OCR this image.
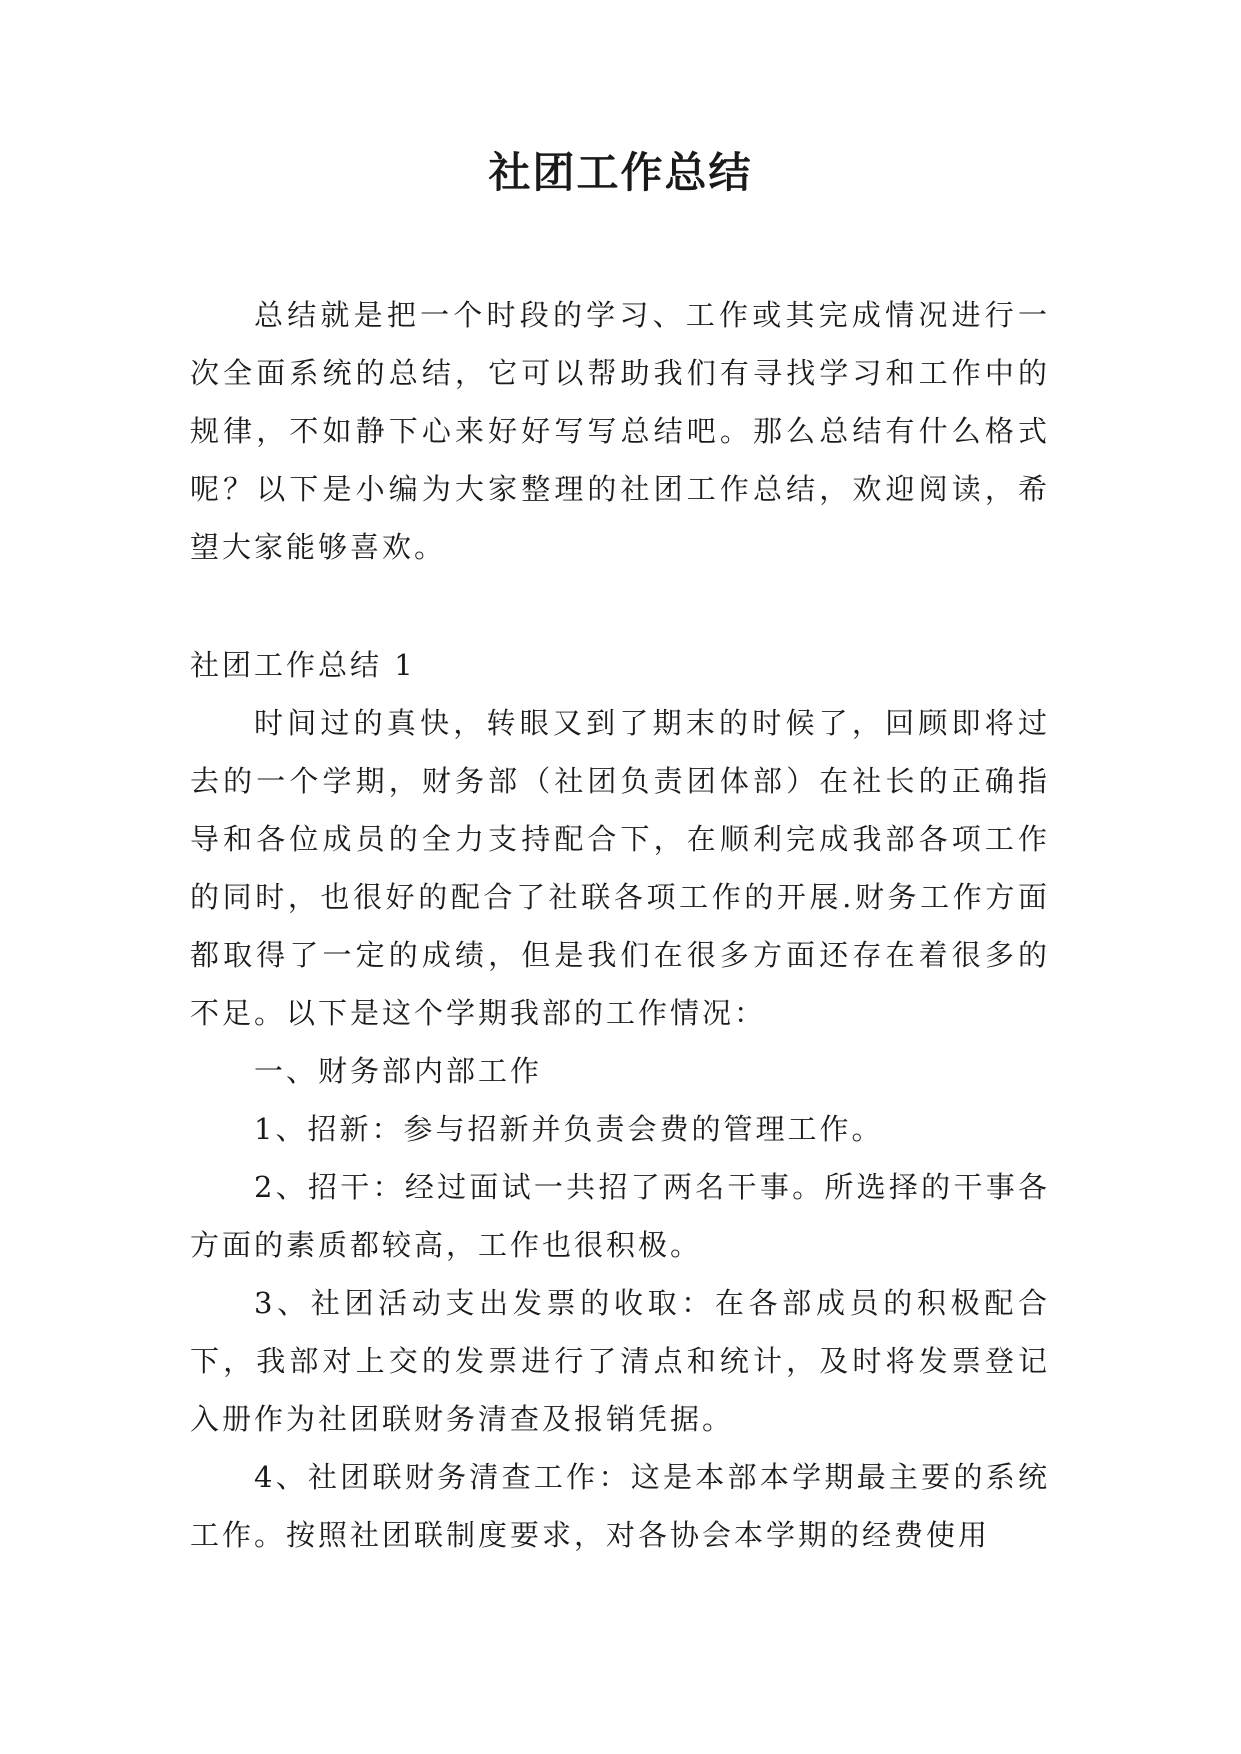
社团工作总结

总结就是把一个时段的学习、工作或其完成情况进行一次全面系统的总结，它可以帮助我们有寻找学习和工作中的规律，不如静下心来好好写写总结吧。那么总结有什么格式呢？以下是小编为大家整理的社团工作总结，欢迎阅读，希望大家能够喜欢。

社团工作总结 1

时间过的真快，转眼又到了期末的时候了，回顾即将过去的一个学期，财务部（社团负责团体部）在社长的正确指导和各位成员的全力支持配合下，在顺利完成我部各项工作的同时，也很好的配合了社联各项工作的开展.财务工作方面都取得了一定的成绩，但是我们在很多方面还存在着很多的不足。以下是这个学期我部的工作情况：

一、财务部内部工作

1、招新：参与招新并负责会费的管理工作。

2、招干：经过面试一共招了两名干事。所选择的干事各方面的素质都较高，工作也很积极。

3、社团活动支出发票的收取：在各部成员的积极配合下，我部对上交的发票进行了清点和统计，及时将发票登记入册作为社团联财务清查及报销凭据。

4、社团联财务清查工作：这是本部本学期最主要的系统工作。按照社团联制度要求，对各协会本学期的经费使用
